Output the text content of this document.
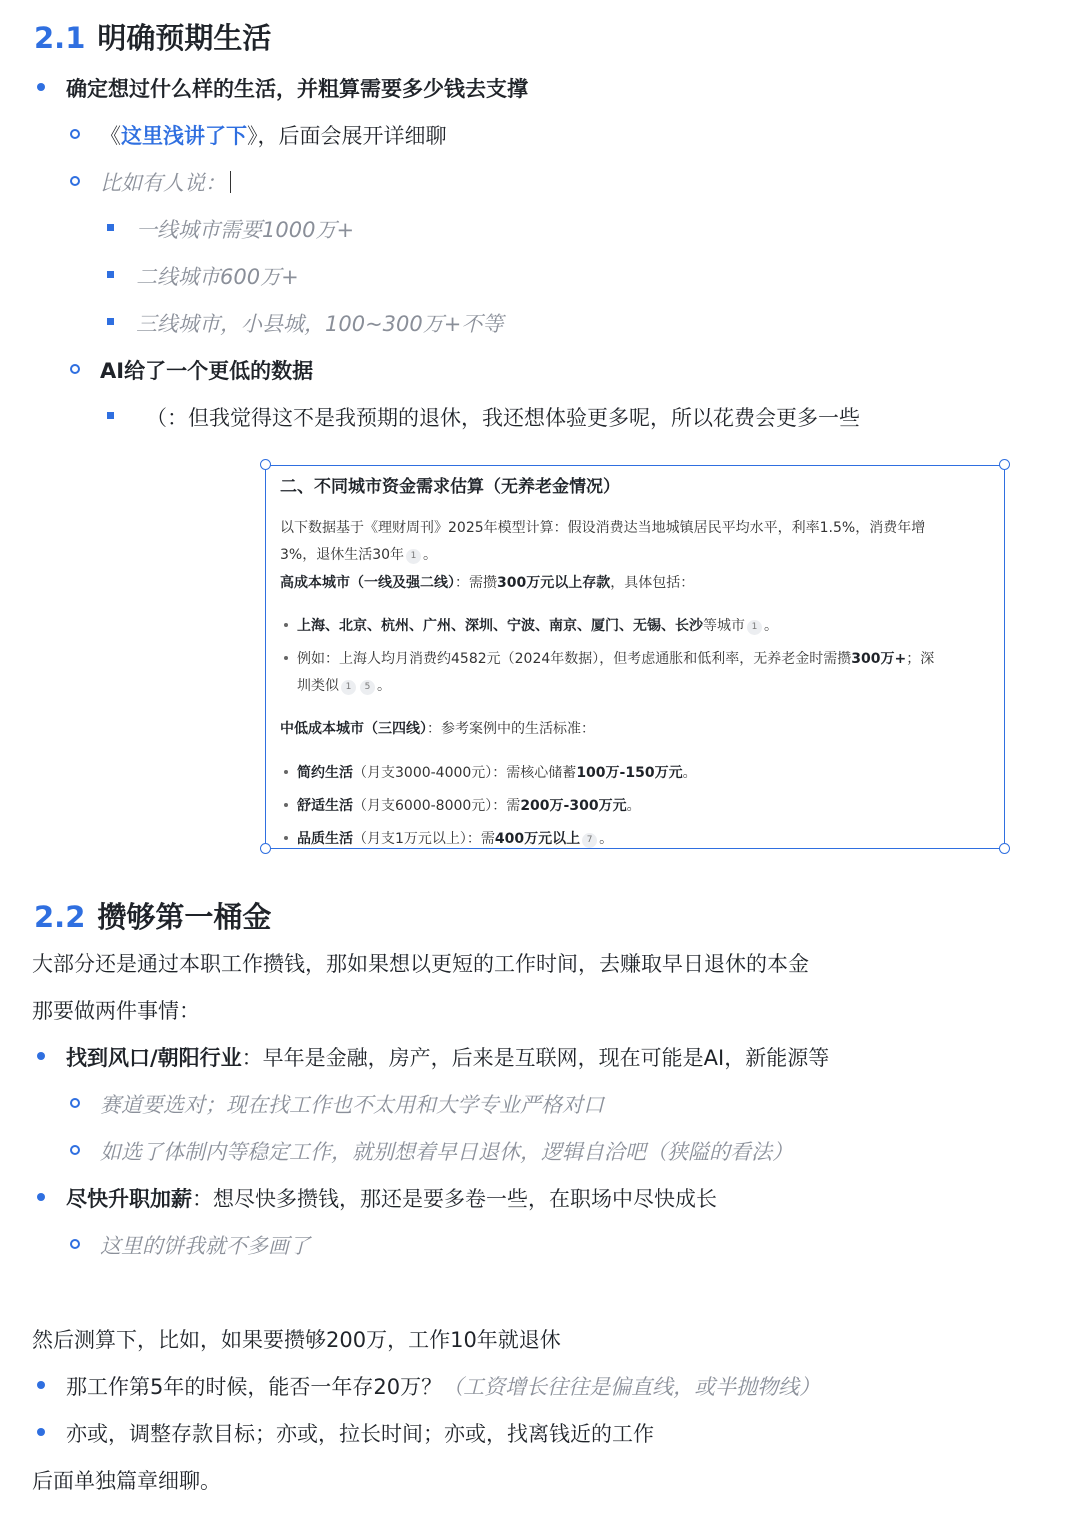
2.1 明确预期生活
确定想过什么样的生活，并粗算需要多少钱去支撑
《这里浅讲了下》，后面会展开详细聊
比如有人说：
一线城市需要1000万+
二线城市600万+
三线城市，小县城，100~300万+不等
AI给了一个更低的数据
（：但我觉得这不是我预期的退休，我还想体验更多呢，所以花费会更多一些
二、不同城市资金需求估算（无养老金情况）
以下数据基于《理财周刊》2025年模型计算：假设消费达当地城镇居民平均水平，利率1.5%，消费年增
3%，退休生活30年 1 。
高成本城市（一线及强二线）：需攒300万元以上存款，具体包括：
上海、北京、杭州、广州、深圳、宁波、南京、厦门、无锡、长沙等城市 1 。
例如：上海人均月消费约4582元（2024年数据），但考虑通胀和低利率，无养老金时需攒300万+；深
圳类似 1 5 。
中低成本城市（三四线）：参考案例中的生活标准：
简约生活（月支3000-4000元）：需核心储蓄100万-150万元。
舒适生活（月支6000-8000元）：需200万-300万元。
品质生活（月支1万元以上）：需400万元以上 7 。
2.2 攒够第一桶金
大部分还是通过本职工作攒钱，那如果想以更短的工作时间，去赚取早日退休的本金
那要做两件事情：
找到风口/朝阳行业：早年是金融，房产，后来是互联网，现在可能是AI，新能源等
赛道要选对；现在找工作也不太用和大学专业严格对口
如选了体制内等稳定工作，就别想着早日退休，逻辑自洽吧（狭隘的看法）
尽快升职加薪：想尽快多攒钱，那还是要多卷一些，在职场中尽快成长
这里的饼我就不多画了
然后测算下，比如，如果要攒够200万，工作10年就退休
那工作第5年的时候，能否一年存20万？（工资增长往往是偏直线，或半抛物线）
亦或，调整存款目标；亦或，拉长时间；亦或，找离钱近的工作
后面单独篇章细聊。
